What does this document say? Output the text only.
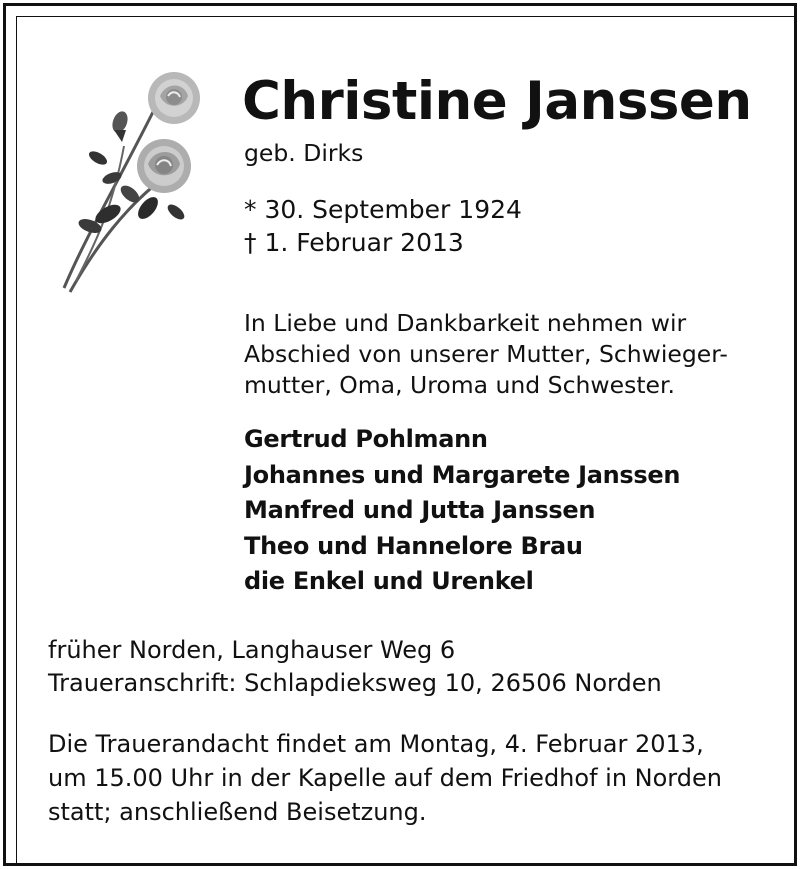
Christine Janssen

geb. Dirks

* 30. September 1924
† 1. Februar 2013
In Liebe und Dankbarkeit nehmen wir
Abschied von unserer Mutter, Schwieger-
mutter, Oma, Uroma und Schwester.
Gertrud Pohlmann
Johannes und Margarete Janssen
Manfred und Jutta Janssen
Theo und Hannelore Brau
die Enkel und Urenkel
früher Norden, Langhauser Weg 6
Traueranschrift: Schlapdieksweg 10, 26506 Norden
Die Trauerandacht findet am Montag, 4. Februar 2013,
um 15.00 Uhr in der Kapelle auf dem Friedhof in Norden
statt; anschließend Beisetzung.
